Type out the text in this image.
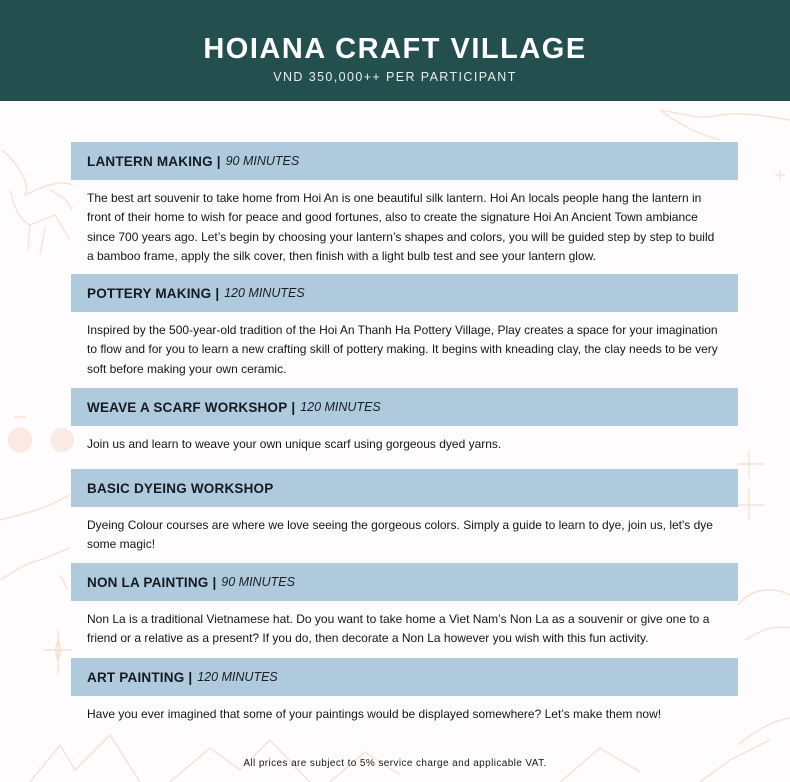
HOIANA CRAFT VILLAGE
VND 350,000++ PER PARTICIPANT
LANTERN MAKING | 90 MINUTES
The best art souvenir to take home from Hoi An is one beautiful silk lantern. Hoi An locals people hang the lantern in front of their home to wish for peace and good fortunes, also to create the signature Hoi An Ancient Town ambiance since 700 years ago. Let’s begin by choosing your lantern’s shapes and colors, you will be guided step by step to build a bamboo frame, apply the silk cover, then finish with a light bulb test and see your lantern glow.
POTTERY MAKING | 120 MINUTES
Inspired by the 500-year-old tradition of the Hoi An Thanh Ha Pottery Village, Play creates a space for your imagination to flow and for you to learn a new crafting skill of pottery making. It begins with kneading clay, the clay needs to be very soft before making your own ceramic.
WEAVE A SCARF WORKSHOP | 120 MINUTES
Join us and learn to weave your own unique scarf using gorgeous dyed yarns.
BASIC DYEING WORKSHOP
Dyeing Colour courses are where we love seeing the gorgeous colors. Simply a guide to learn to dye, join us, let's dye some magic!
NON LA PAINTING | 90 MINUTES
Non La is a traditional Vietnamese hat. Do you want to take home a Viet Nam’s Non La as a souvenir or give one to a friend or a relative as a present? If you do, then decorate a Non La however you wish with this fun activity.
ART PAINTING | 120 MINUTES
Have you ever imagined that some of your paintings would be displayed somewhere? Let’s make them now!
All prices are subject to 5% service charge and applicable VAT.
